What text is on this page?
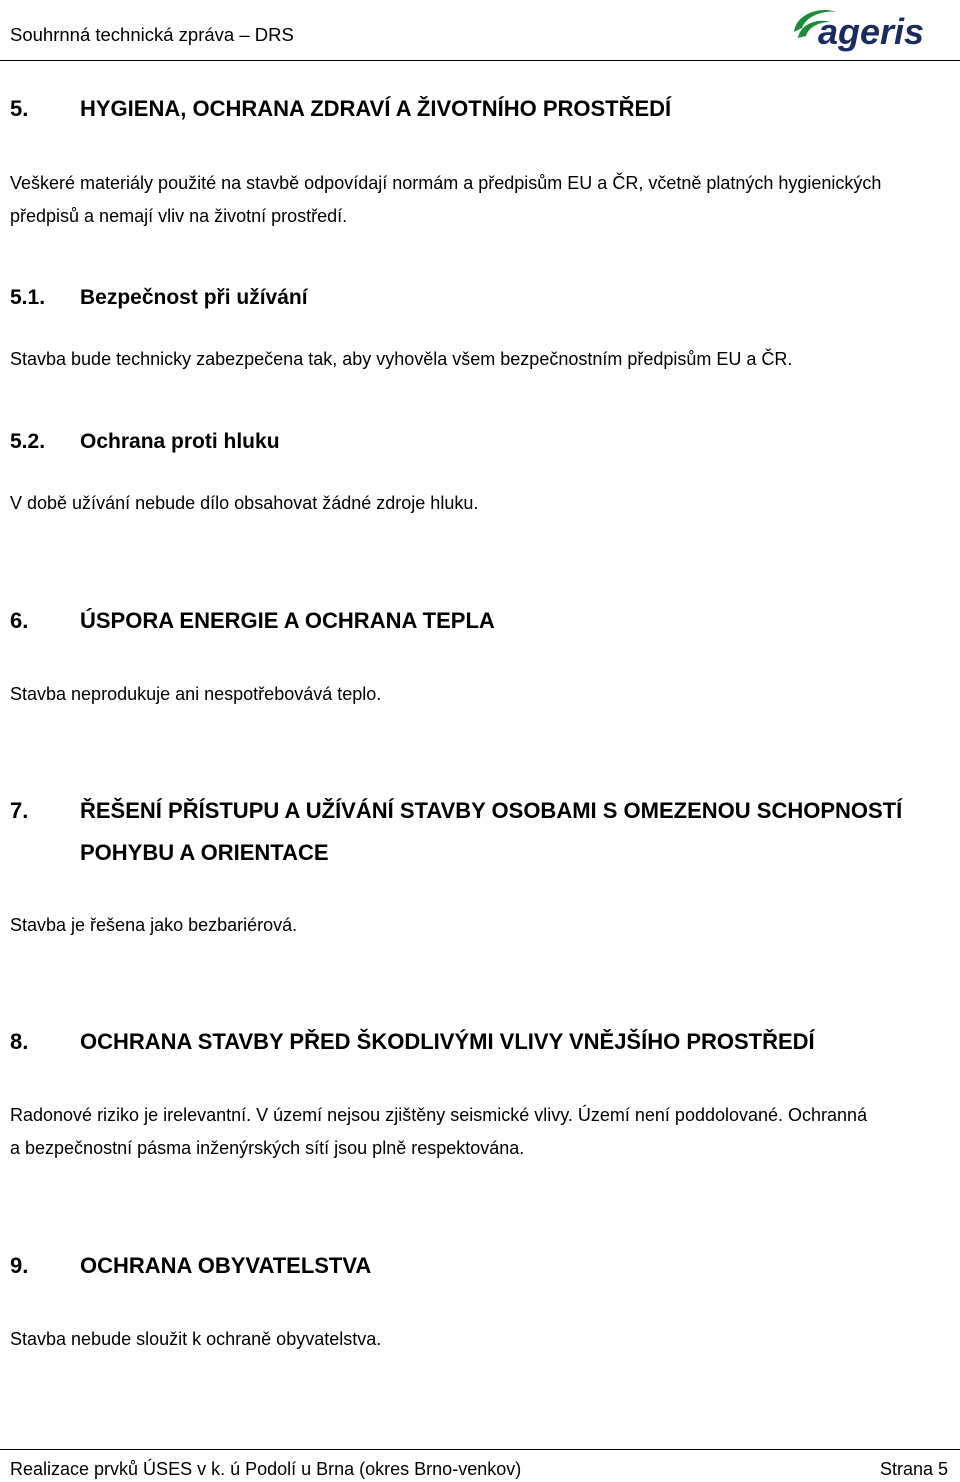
Souhrnná technická zpráva – DRS	ageris
5. HYGIENA, OCHRANA ZDRAVÍ A ŽIVOTNÍHO PROSTŘEDÍ
Veškeré materiály použité na stavbě odpovídají normám a předpisům EU a ČR, včetně platných hygienických
předpisů a nemají vliv na životní prostředí.
5.1. Bezpečnost při užívání
Stavba bude technicky zabezpečena tak, aby vyhověla všem bezpečnostním předpisům EU a ČR.
5.2. Ochrana proti hluku
V době užívání nebude dílo obsahovat žádné zdroje hluku.
6. ÚSPORA ENERGIE A OCHRANA TEPLA
Stavba neprodukuje ani nespotřebovává teplo.
7. ŘEŠENÍ PŘÍSTUPU A UŽÍVÁNÍ STAVBY OSOBAMI S OMEZENOU SCHOPNOSTÍ
POHYBU A ORIENTACE
Stavba je řešena jako bezbariérová.
8. OCHRANA STAVBY PŘED ŠKODLIVÝMI VLIVY VNĚJŠÍHO PROSTŘEDÍ
Radonové riziko je irelevantní. V území nejsou zjištěny seismické vlivy. Území není poddolované. Ochranná
a bezpečnostní pásma inženýrských sítí jsou plně respektována.
9. OCHRANA OBYVATELSTVA
Stavba nebude sloužit k ochraně obyvatelstva.
Realizace prvků ÚSES v k. ú Podolí u Brna (okres Brno-venkov)	Strana 5
